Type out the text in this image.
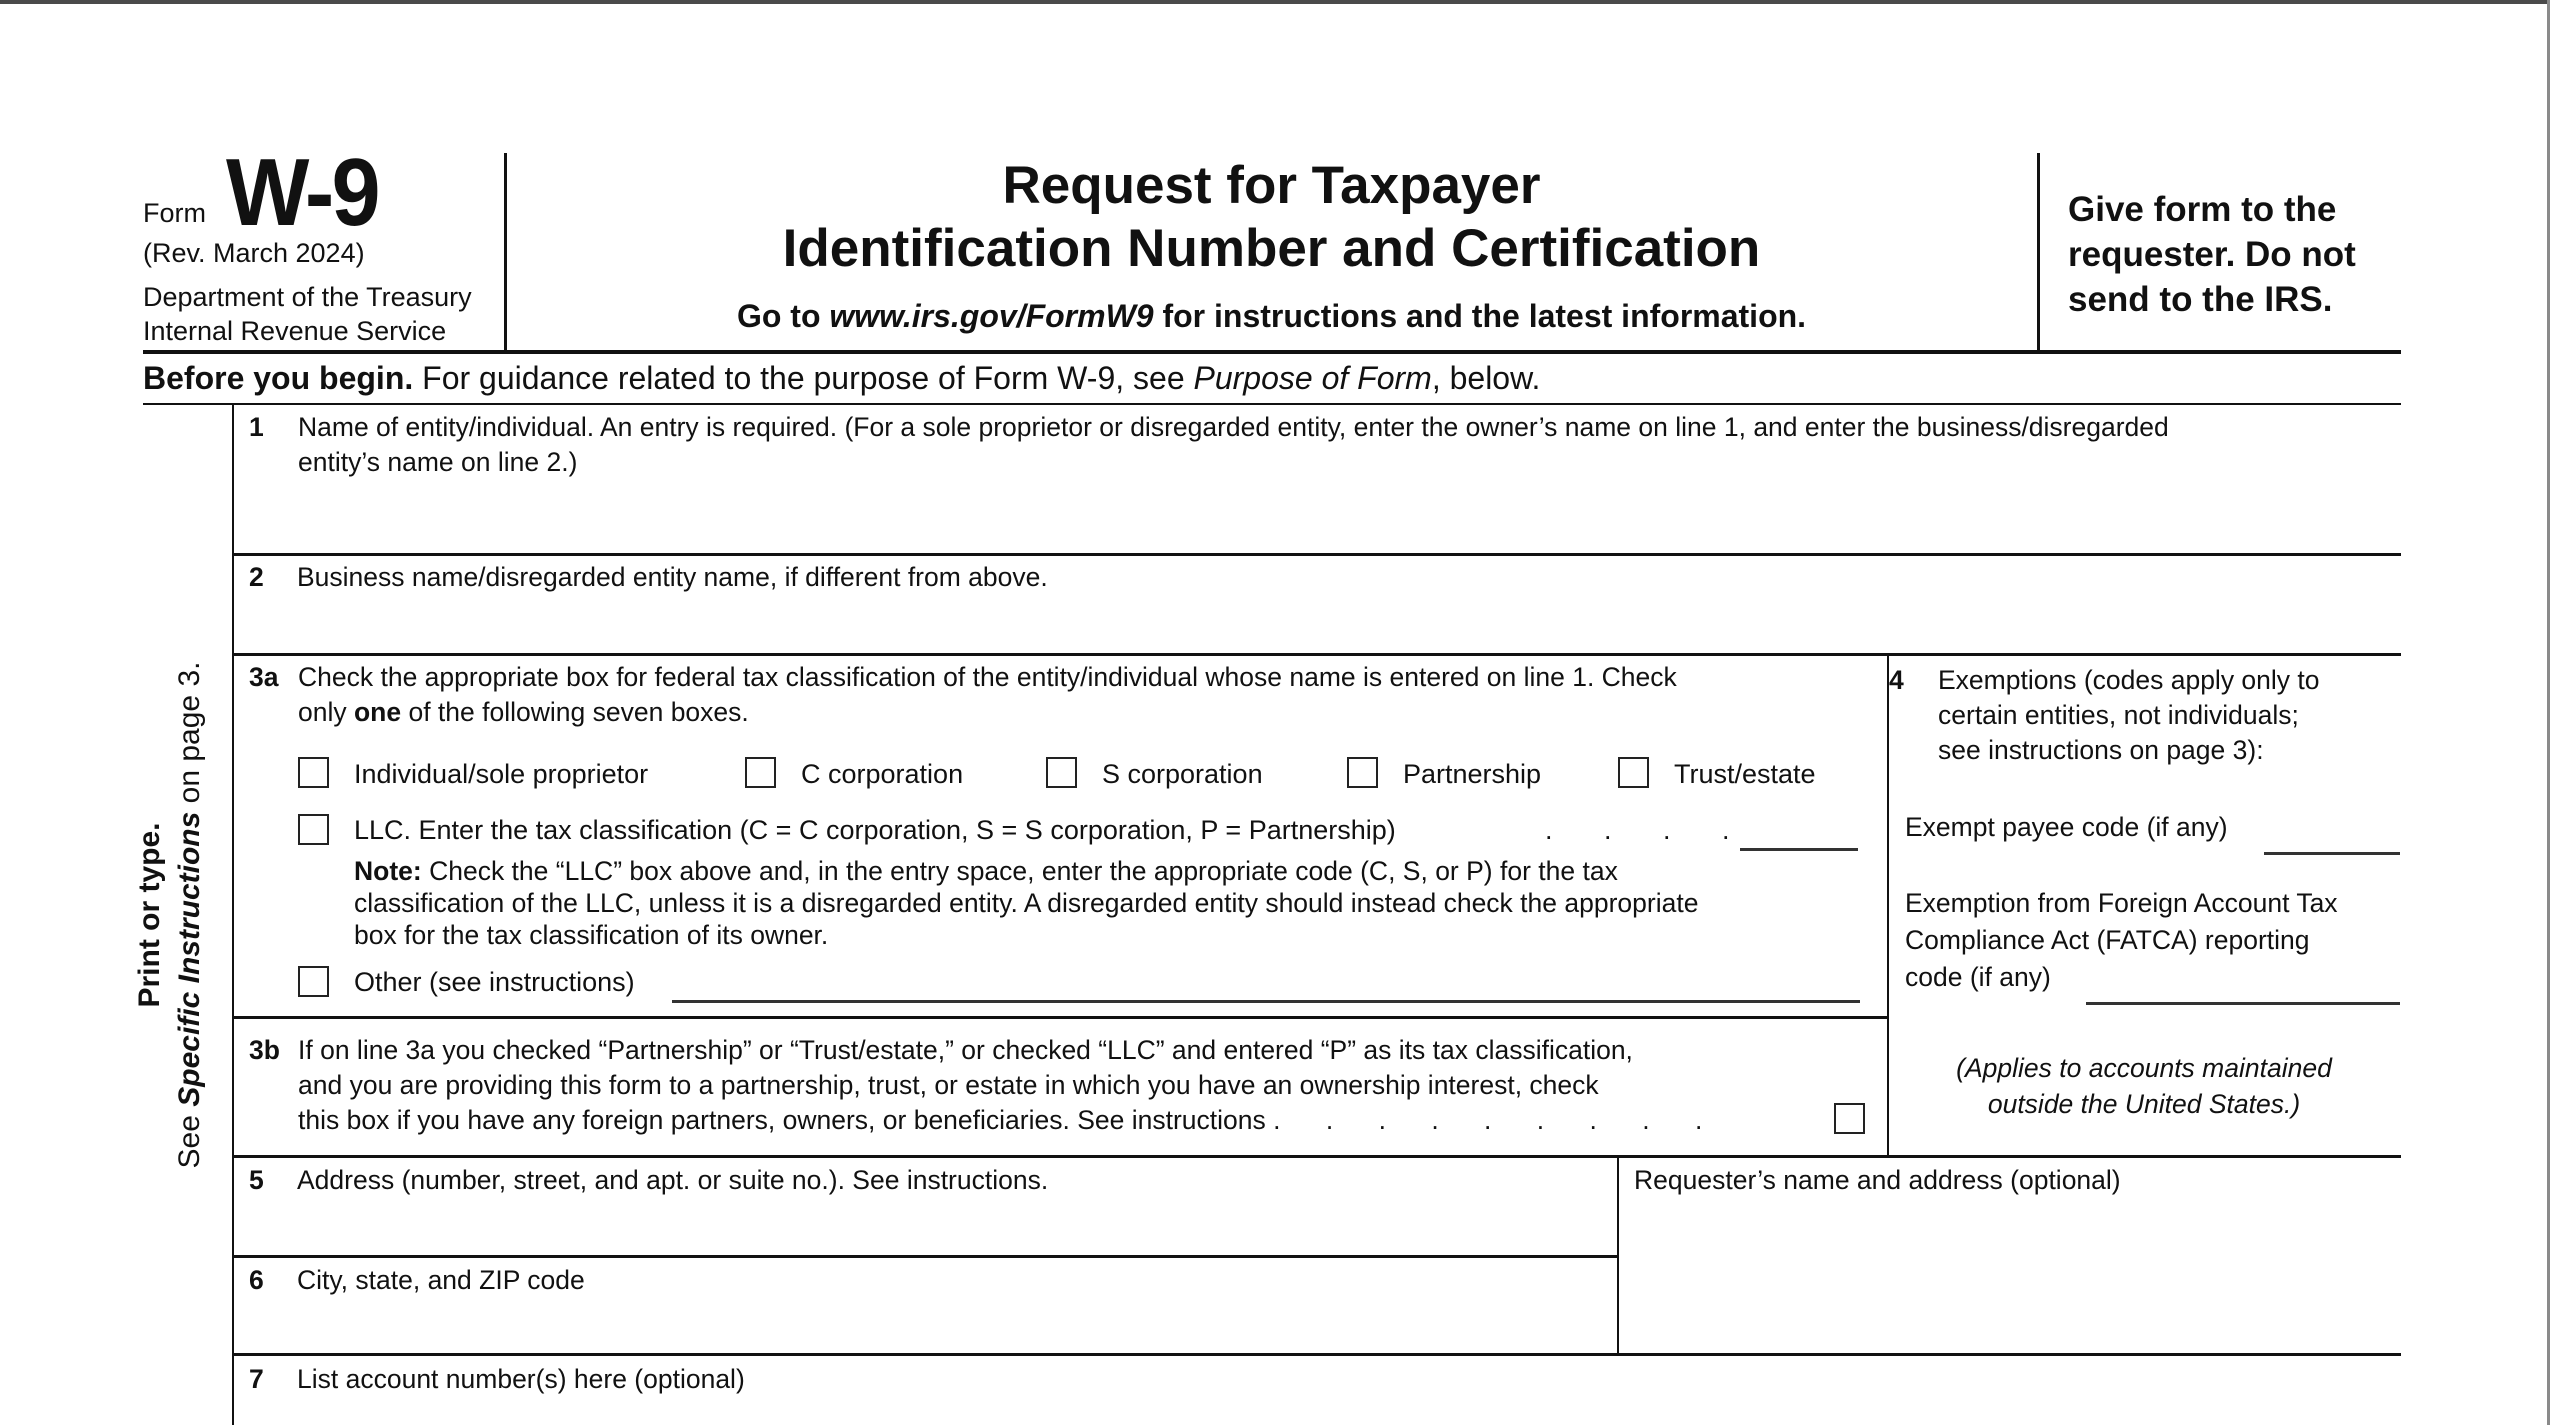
Form W-9
(Rev. March 2024)
Department of the Treasury
Internal Revenue Service
Request for Taxpayer
Identification Number and Certification
Go to www.irs.gov/FormW9 for instructions and the latest information.
Give form to the
requester. Do not
send to the IRS.
Before you begin. For guidance related to the purpose of Form W-9, see Purpose of Form, below.
Print or type.
See Specific Instructions on page 3.
1	Name of entity/individual. An entry is required. (For a sole proprietor or disregarded entity, enter the owner’s name on line 1, and enter the business/disregarded
entity’s name on line 2.)
2 Business name/disregarded entity name, if different from above.
3a Check the appropriate box for federal tax classification of the entity/individual whose name is entered on line 1. Check
only one of the following seven boxes.
Individual/sole proprietor	C corporation	S corporation	Partnership	Trust/estate
LLC. Enter the tax classification (C = C corporation, S = S corporation, P = Partnership)	. . . .
Note: Check the “LLC” box above and, in the entry space, enter the appropriate code (C, S, or P) for the tax
classification of the LLC, unless it is a disregarded entity. A disregarded entity should instead check the appropriate
box for the tax classification of its owner.
Other (see instructions)
3b If on line 3a you checked “Partnership” or “Trust/estate,” or checked “LLC” and entered “P” as its tax classification,
and you are providing this form to a partnership, trust, or estate in which you have an ownership interest, check
this box if you have any foreign partners, owners, or beneficiaries. See instructions . . . . . . . . .
4	Exemptions (codes apply only to
certain entities, not individuals;
see instructions on page 3):
Exempt payee code (if any)
Exemption from Foreign Account Tax
Compliance Act (FATCA) reporting
code (if any)
(Applies to accounts maintained
outside the United States.)
5 Address (number, street, and apt. or suite no.). See instructions.
6 City, state, and ZIP code
Requester’s name and address (optional)
7 List account number(s) here (optional)
